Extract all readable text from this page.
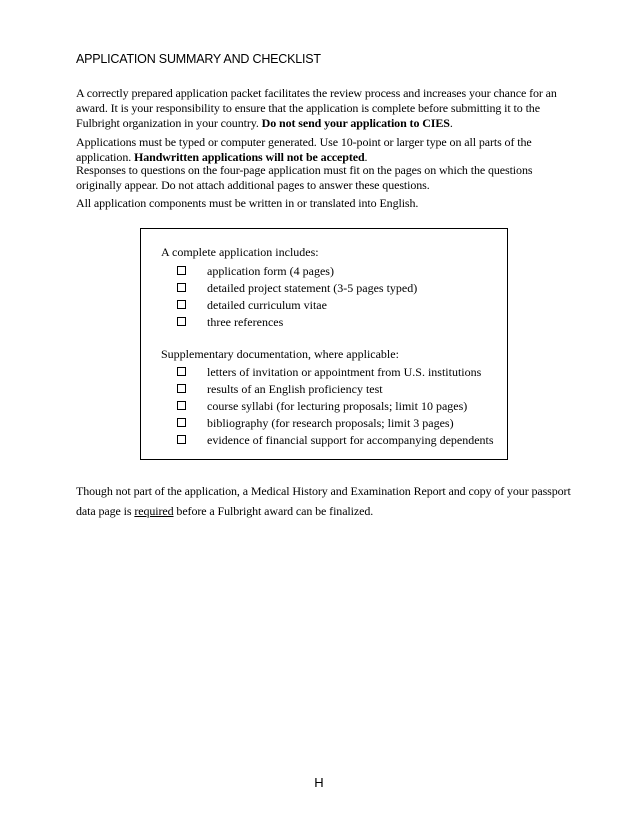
APPLICATION SUMMARY AND CHECKLIST
A correctly prepared application packet facilitates the review process and increases your chance for an award. It is your responsibility to ensure that the application is complete before submitting it to the Fulbright organization in your country. Do not send your application to CIES.
Applications must be typed or computer generated. Use 10-point or larger type on all parts of the application. Handwritten applications will not be accepted.
Responses to questions on the four-page application must fit on the pages on which the questions originally appear. Do not attach additional pages to answer these questions.
All application components must be written in or translated into English.
A complete application includes:
application form (4 pages)
detailed project statement (3-5 pages typed)
detailed curriculum vitae
three references
Supplementary documentation, where applicable:
letters of invitation or appointment from U.S. institutions
results of an English proficiency test
course syllabi (for lecturing proposals; limit 10 pages)
bibliography (for research proposals; limit 3 pages)
evidence of financial support for accompanying dependents
Though not part of the application, a Medical History and Examination Report and copy of your passport data page is required before a Fulbright award can be finalized.
H
